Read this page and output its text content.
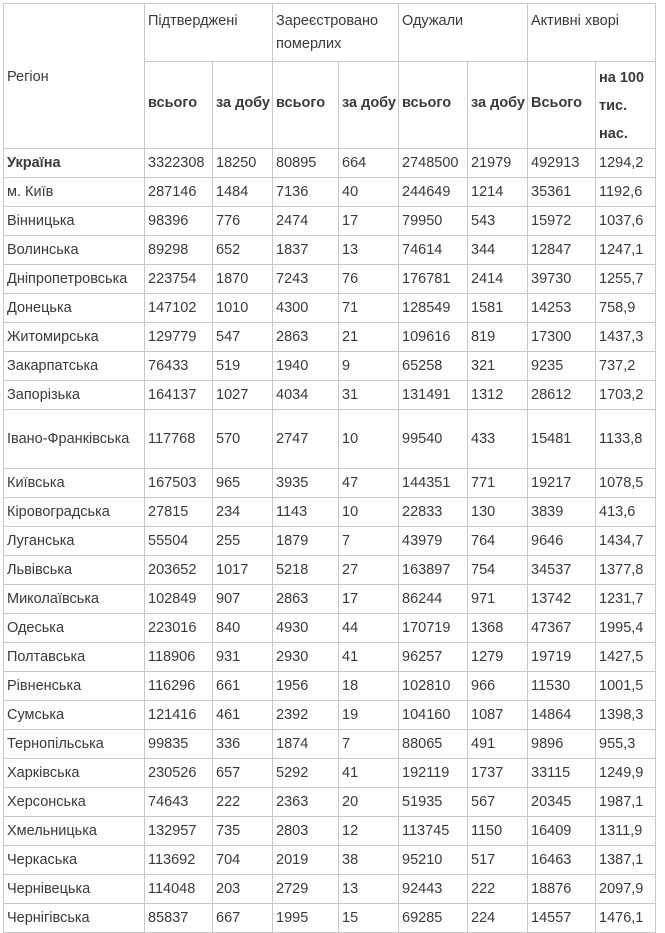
Регіон	Підтверджені		Зареєстровано померлих		Одужали		Активні хворі	
	всього	за добу	всього	за добу	всього	за добу	Всього	на 100 тис. нас.
Україна	3322308	18250	80895	664	2748500	21979	492913	1294,2
м. Київ	287146	1484	7136	40	244649	1214	35361	1192,6
Вінницька	98396	776	2474	17	79950	543	15972	1037,6
Волинська	89298	652	1837	13	74614	344	12847	1247,1
Дніпропетровська	223754	1870	7243	76	176781	2414	39730	1255,7
Донецька	147102	1010	4300	71	128549	1581	14253	758,9
Житомирська	129779	547	2863	21	109616	819	17300	1437,3
Закарпатська	76433	519	1940	9	65258	321	9235	737,2
Запорізька	164137	1027	4034	31	131491	1312	28612	1703,2
Івано-Франківська	117768	570	2747	10	99540	433	15481	1133,8
Київська	167503	965	3935	47	144351	771	19217	1078,5
Кіровоградська	27815	234	1143	10	22833	130	3839	413,6
Луганська	55504	255	1879	7	43979	764	9646	1434,7
Львівська	203652	1017	5218	27	163897	754	34537	1377,8
Миколаївська	102849	907	2863	17	86244	971	13742	1231,7
Одеська	223016	840	4930	44	170719	1368	47367	1995,4
Полтавська	118906	931	2930	41	96257	1279	19719	1427,5
Рівненська	116296	661	1956	18	102810	966	11530	1001,5
Сумська	121416	461	2392	19	104160	1087	14864	1398,3
Тернопільська	99835	336	1874	7	88065	491	9896	955,3
Харківська	230526	657	5292	41	192119	1737	33115	1249,9
Херсонська	74643	222	2363	20	51935	567	20345	1987,1
Хмельницька	132957	735	2803	12	113745	1150	16409	1311,9
Черкаська	113692	704	2019	38	95210	517	16463	1387,1
Чернівецька	114048	203	2729	13	92443	222	18876	2097,9
Чернігівська	85837	667	1995	15	69285	224	14557	1476,1
